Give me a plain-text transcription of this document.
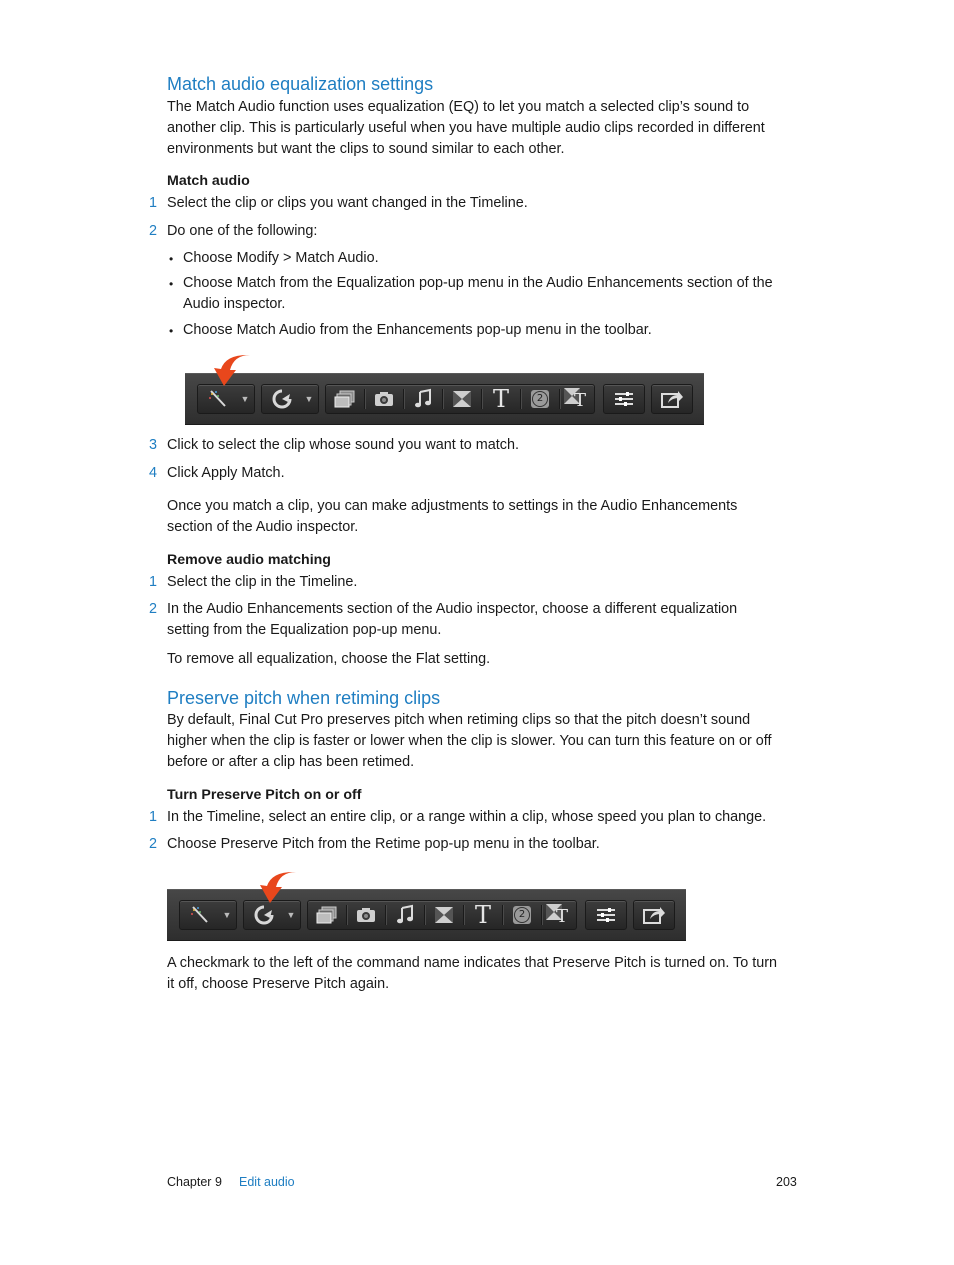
Match audio equalization settings

The Match Audio function uses equalization (EQ) to let you match a selected clip’s sound to
another clip. This is particularly useful when you have multiple audio clips recorded in different
environments but want the clips to sound similar to each other.

Match audio
1 Select the clip or clips you want changed in the Timeline.

2 Do one of the following:

• Choose Modify > Match Audio.

• Choose Match from the Equalization pop-up menu in the Audio Enhancements section of the
Audio inspector.

• Choose Match Audio from the Enhancements pop-up menu in the toolbar.

▼	▼	T	2 T
3 Click to select the clip whose sound you want to match.

4 Click Apply Match.

Once you match a clip, you can make adjustments to settings in the Audio Enhancements
section of the Audio inspector.

Remove audio matching
1 Select the clip in the Timeline.

2 In the Audio Enhancements section of the Audio inspector, choose a different equalization
setting from the Equalization pop-up menu.

To remove all equalization, choose the Flat setting.

Preserve pitch when retiming clips

By default, Final Cut Pro preserves pitch when retiming clips so that the pitch doesn’t sound
higher when the clip is faster or lower when the clip is slower. You can turn this feature on or off
before or after a clip has been retimed.

Turn Preserve Pitch on or off
1 In the Timeline, select an entire clip, or a range within a clip, whose speed you plan to change.

2 Choose Preserve Pitch from the Retime pop-up menu in the toolbar.

▼	▼	T	2 T

A checkmark to the left of the command name indicates that Preserve Pitch is turned on. To turn
it off, choose Preserve Pitch again.

Chapter 9 Edit audio	203
